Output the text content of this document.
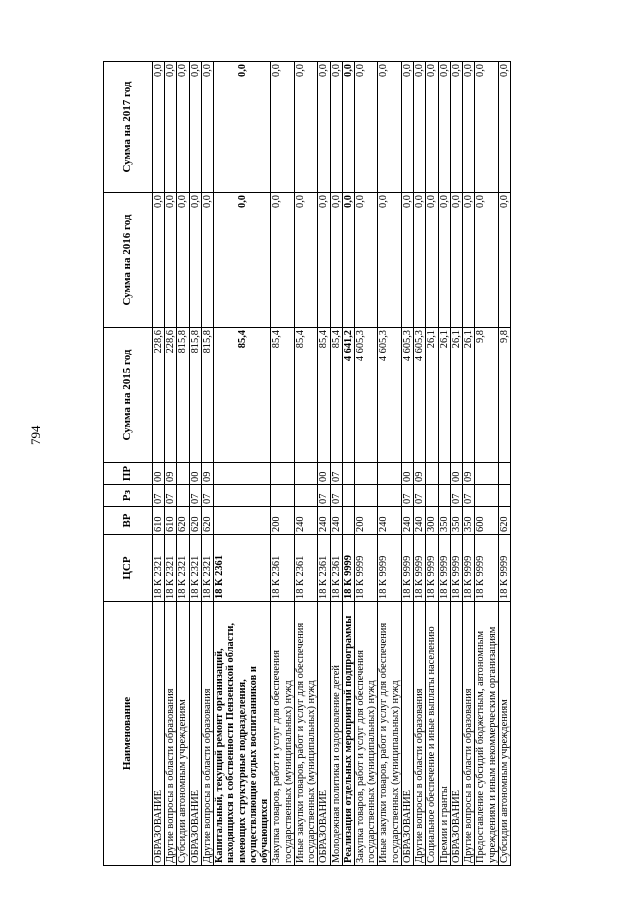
794
Наименование	ЦСР	ВР	Рз	ПР	Сумма на 2015 год	Сумма на 2016 год	Сумма на 2017 год
ОБРАЗОВАНИЕ	18 К 2321	610	07	00	228,6	0,0	0,0
Другие вопросы в области образования	18 К 2321	610	07	09	228,6	0,0	0,0
Субсидии автономным учреждениям	18 К 2321	620			815,8	0,0	0,0
ОБРАЗОВАНИЕ	18 К 2321	620	07	00	815,8	0,0	0,0
Другие вопросы в области образования	18 К 2321	620	07	09	815,8	0,0	0,0
Капитальный, текущий ремонт организаций, находящихся в собственности Пензенской области, имеющих структурные подразделения, осуществляющие отдых воспитанников и обучающихся	18 К 2361				85,4	0,0	0,0
Закупка товаров, работ и услуг для обеспечения государственных (муниципальных) нужд	18 К 2361	200			85,4	0,0	0,0
Иные закупки товаров, работ и услуг для обеспечения государственных (муниципальных) нужд	18 К 2361	240			85,4	0,0	0,0
ОБРАЗОВАНИЕ	18 К 2361	240	07	00	85,4	0,0	0,0
Молодежная политика и оздоровление детей	18 К 2361	240	07	07	85,4	0,0	0,0
Реализация отдельных мероприятий подпрограммы	18 К 9999				4 641,2	0,0	0,0
Закупка товаров, работ и услуг для обеспечения государственных (муниципальных) нужд	18 К 9999	200			4 605,3	0,0	0,0
Иные закупки товаров, работ и услуг для обеспечения государственных (муниципальных) нужд	18 К 9999	240			4 605,3	0,0	0,0
ОБРАЗОВАНИЕ	18 К 9999	240	07	00	4 605,3	0,0	0,0
Другие вопросы в области образования	18 К 9999	240	07	09	4 605,3	0,0	0,0
Социальное обеспечение и иные выплаты населению	18 К 9999	300			26,1	0,0	0,0
Премии и гранты	18 К 9999	350			26,1	0,0	0,0
ОБРАЗОВАНИЕ	18 К 9999	350	07	00	26,1	0,0	0,0
Другие вопросы в области образования	18 К 9999	350	07	09	26,1	0,0	0,0
Предоставление субсидий бюджетным, автономным учреждениям и иным некоммерческим организациям	18 К 9999	600			9,8	0,0	0,0
Субсидии автономным учреждениям	18 К 9999	620			9,8	0,0	0,0
